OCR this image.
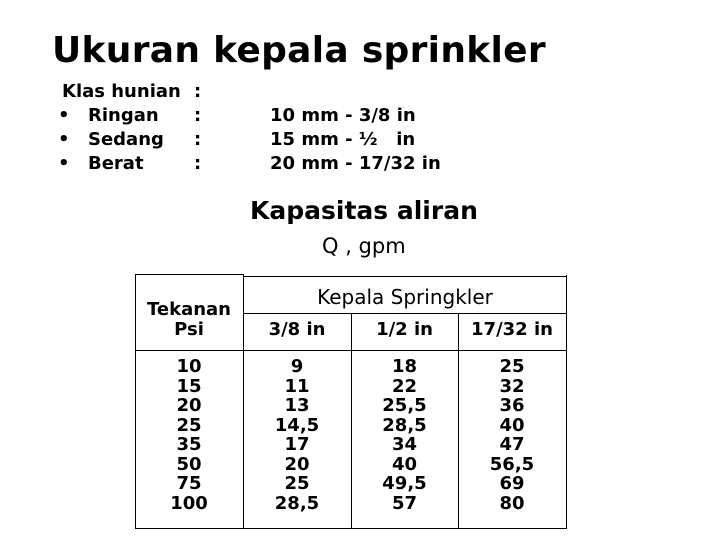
Ukuran kepala sprinkler
Klas hunian
• Ringan
• Sedang
• Berat
:
:
:
:
10 mm - 3/8 in
15 mm - ½   in
20 mm - 17/32 in
Kapasitas aliran
Q , gpm
Tekanan
Psi
Kepala Springkler
3/8 in	1/2 in	17/32 in
10
15
20
25
35
50
75
100
9
11
13
14,5
17
20
25
28,5
18
22
25,5
28,5
34
40
49,5
57
25
32
36
40
47
56,5
69
80
